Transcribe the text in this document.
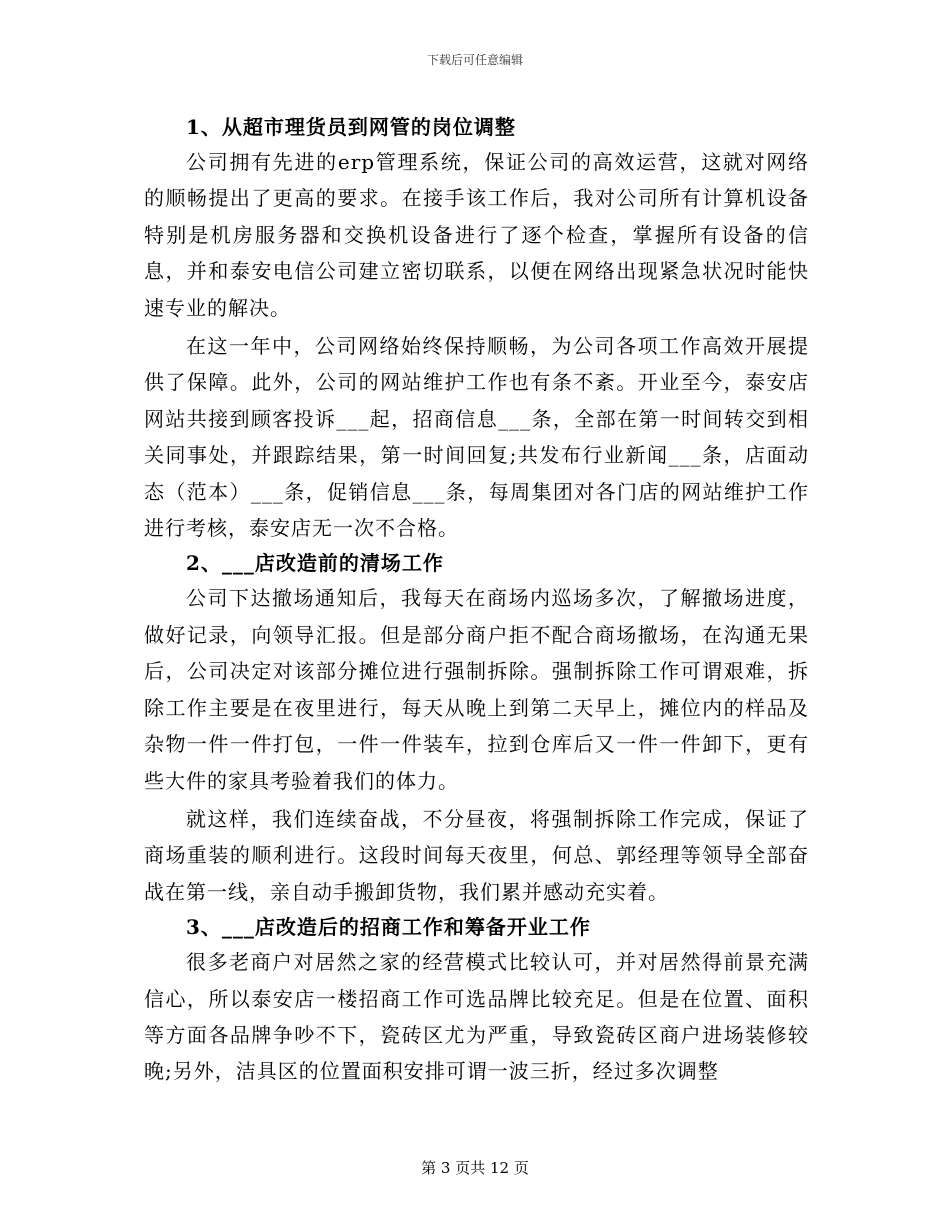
下载后可任意编辑
1、从超市理货员到网管的岗位调整

公司拥有先进的erp管理系统，保证公司的高效运营，这就对网络的顺畅提出了更高的要求。在接手该工作后，我对公司所有计算机设备特别是机房服务器和交换机设备进行了逐个检查，掌握所有设备的信息，并和泰安电信公司建立密切联系，以便在网络出现紧急状况时能快速专业的解决。

在这一年中，公司网络始终保持顺畅，为公司各项工作高效开展提供了保障。此外，公司的网站维护工作也有条不紊。开业至今，泰安店网站共接到顾客投诉___起，招商信息___条，全部在第一时间转交到相关同事处，并跟踪结果，第一时间回复;共发布行业新闻___条，店面动态（范本）___条，促销信息___条，每周集团对各门店的网站维护工作进行考核，泰安店无一次不合格。

2、___店改造前的清场工作

公司下达撤场通知后，我每天在商场内巡场多次，了解撤场进度，做好记录，向领导汇报。但是部分商户拒不配合商场撤场，在沟通无果后，公司决定对该部分摊位进行强制拆除。强制拆除工作可谓艰难，拆除工作主要是在夜里进行，每天从晚上到第二天早上，摊位内的样品及杂物一件一件打包，一件一件装车，拉到仓库后又一件一件卸下，更有些大件的家具考验着我们的体力。

就这样，我们连续奋战，不分昼夜，将强制拆除工作完成，保证了商场重装的顺利进行。这段时间每天夜里，何总、郭经理等领导全部奋战在第一线，亲自动手搬卸货物，我们累并感动充实着。

3、___店改造后的招商工作和筹备开业工作

很多老商户对居然之家的经营模式比较认可，并对居然得前景充满信心，所以泰安店一楼招商工作可选品牌比较充足。但是在位置、面积等方面各品牌争吵不下，瓷砖区尤为严重，导致瓷砖区商户进场装修较晚;另外，洁具区的位置面积安排可谓一波三折，经过多次调整

第 3 页共 12 页
